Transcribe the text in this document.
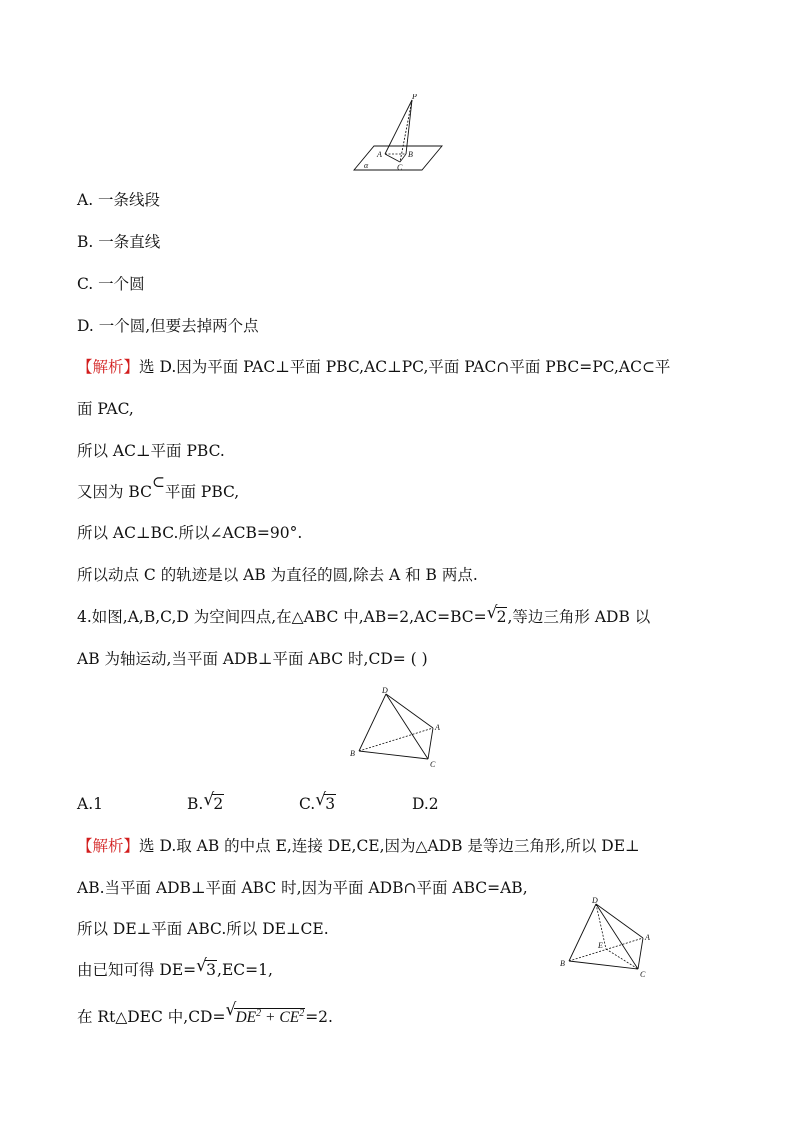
P
A	B
C
α
A. 一条线段
B. 一条直线
C. 一个圆
D. 一个圆,但要去掉两个点
【解析】选 D.因为平面 PAC⊥平面 PBC,AC⊥PC,平面 PAC∩平面 PBC=PC,AC⊂平
面 PAC,
所以 AC⊥平面 PBC.
又因为 BC⊂平面 PBC,
所以 AC⊥BC.所以∠ACB=90°.
所以动点 C 的轨迹是以 AB 为直径的圆,除去 A 和 B 两点.
4.如图,A,B,C,D 为空间四点,在△ABC 中,AB=2,AC=BC= √ 2,等边三角形 ADB 以
AB 为轴运动,当平面 ADB⊥平面 ABC 时,CD= ( )
D
A
B
C
A.1	B. √ 2	C. √ 3	D.2
【解析】选 D.取 AB 的中点 E,连接 DE,CE,因为△ADB 是等边三角形,所以 DE⊥
AB.当平面 ADB⊥平面 ABC 时,因为平面 ADB∩平面 ABC=AB,
所以 DE⊥平面 ABC.所以 DE⊥CE.
由已知可得 DE= √ 3,EC=1,
在 Rt△DEC 中,CD= √ $DE^2 + CE^2=2$.
D
A
B
C
E
